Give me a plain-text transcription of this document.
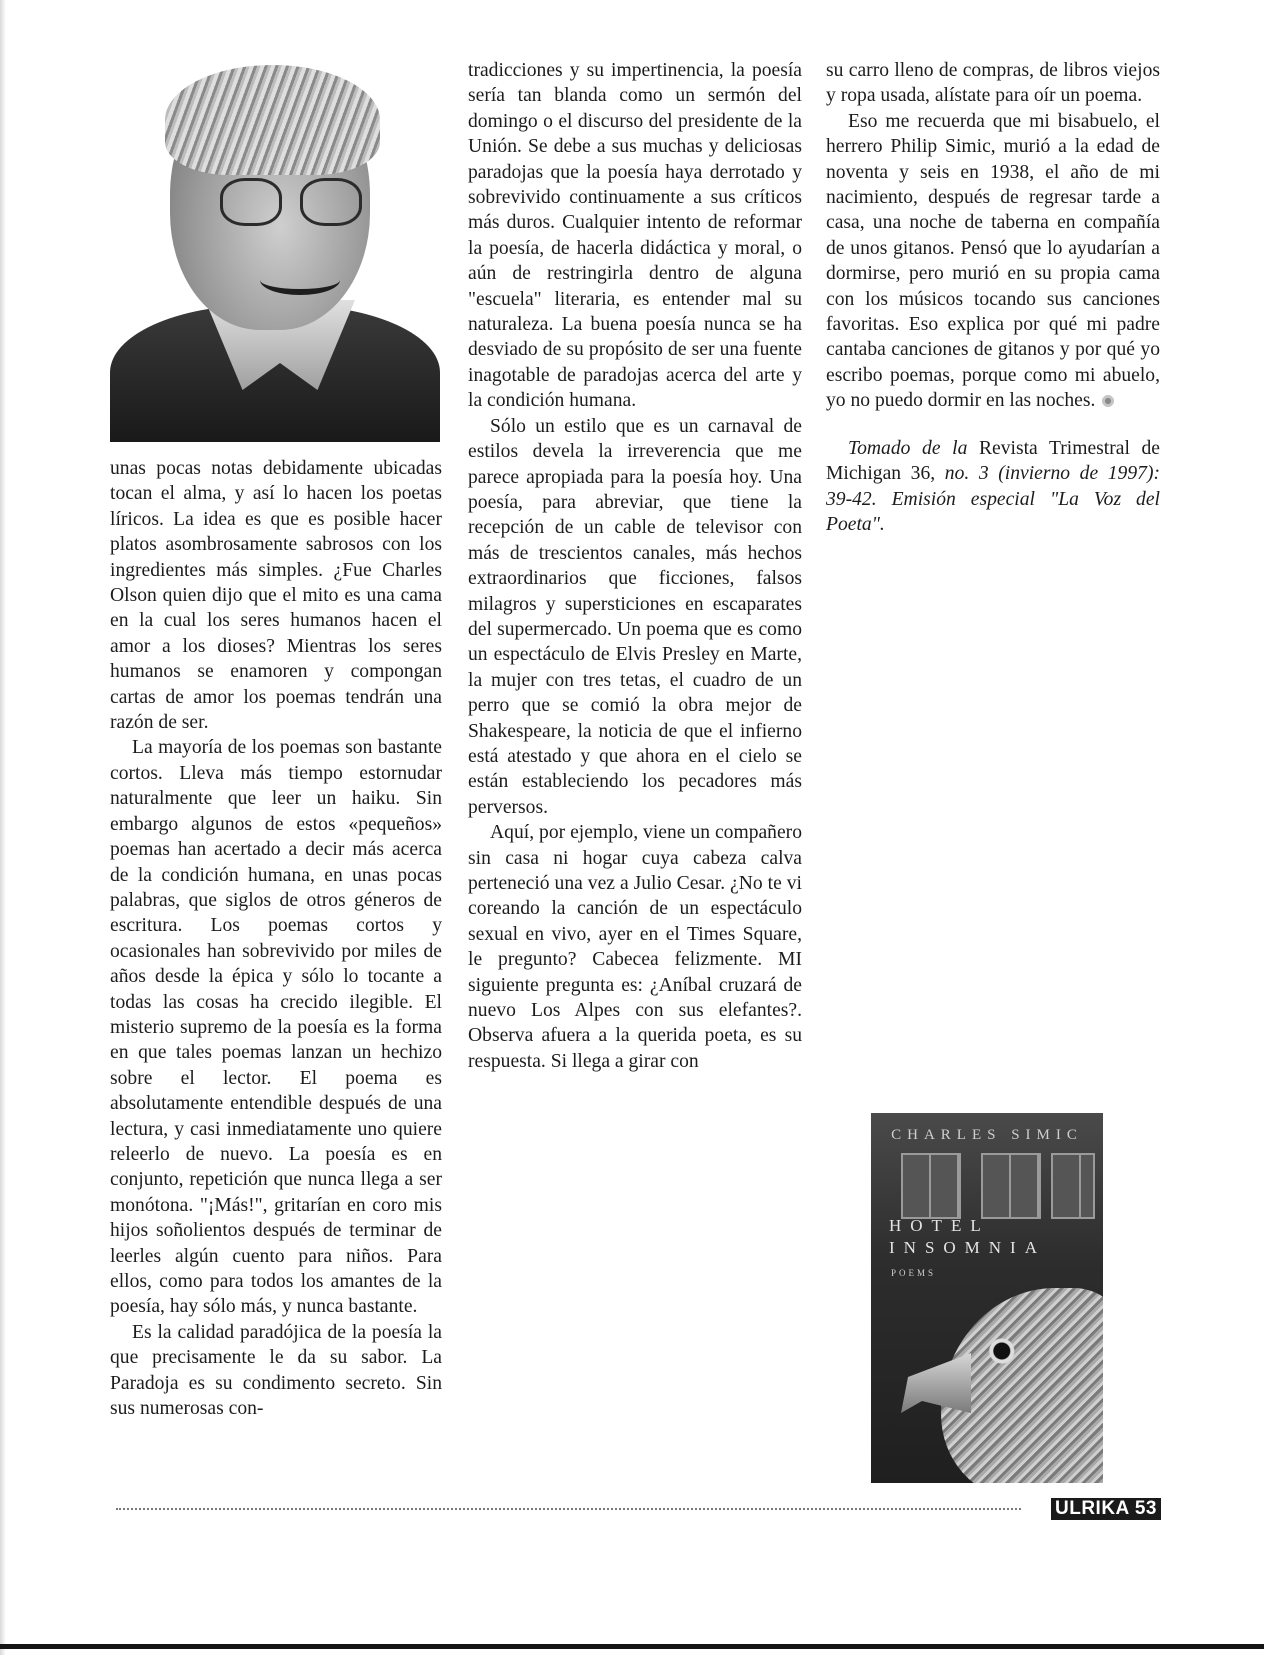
unas pocas notas debidamente ubicadas tocan el alma, y así lo hacen los poetas líricos. La idea es que es posible hacer platos asombrosamente sabrosos con los ingredientes más simples. ¿Fue Charles Olson quien dijo que el mito es una cama en la cual los seres humanos hacen el amor a los dioses? Mientras los seres humanos se enamoren y compongan cartas de amor los poemas tendrán una razón de ser.

La mayoría de los poemas son bastante cortos. Lleva más tiempo estornudar naturalmente que leer un haiku. Sin embargo algunos de estos «pequeños» poemas han acertado a decir más acerca de la condición humana, en unas pocas palabras, que siglos de otros géneros de escritura. Los poemas cortos y ocasionales han sobrevivido por miles de años desde la épica y sólo lo tocante a todas las cosas ha crecido ilegible. El misterio supremo de la poesía es la forma en que tales poemas lanzan un hechizo sobre el lector. El poema es absolutamente entendible después de una lectura, y casi inmediatamente uno quiere releerlo de nuevo. La poesía es en conjunto, repetición que nunca llega a ser monótona. "¡Más!", gritarían en coro mis hijos soñolientos después de terminar de leerles algún cuento para niños. Para ellos, como para todos los amantes de la poesía, hay sólo más, y nunca bastante.

Es la calidad paradójica de la poesía la que precisamente le da su sabor. La Paradoja es su condimento secreto. Sin sus numerosas con-

tradicciones y su impertinencia, la poesía sería tan blanda como un sermón del domingo o el discurso del presidente de la Unión. Se debe a sus muchas y deliciosas paradojas que la poesía haya derrotado y sobrevivido continuamente a sus críticos más duros. Cualquier intento de reformar la poesía, de hacerla didáctica y moral, o aún de restringirla dentro de alguna "escuela" literaria, es entender mal su naturaleza. La buena poesía nunca se ha desviado de su propósito de ser una fuente inagotable de paradojas acerca del arte y la condición humana.

Sólo un estilo que es un carnaval de estilos devela la irreverencia que me parece apropiada para la poesía hoy. Una poesía, para abreviar, que tiene la recepción de un cable de televisor con más de trescientos canales, más hechos extraordinarios que ficciones, falsos milagros y supersticiones en escaparates del supermercado. Un poema que es como un espectáculo de Elvis Presley en Marte, la mujer con tres tetas, el cuadro de un perro que se comió la obra mejor de Shakespeare, la noticia de que el infierno está atestado y que ahora en el cielo se están estableciendo los pecadores más perversos.

Aquí, por ejemplo, viene un compañero sin casa ni hogar cuya cabeza calva perteneció una vez a Julio Cesar. ¿No te vi coreando la canción de un espectáculo sexual en vivo, ayer en el Times Square, le pregunto? Cabecea felizmente. MI siguiente pregunta es: ¿Aníbal cruzará de nuevo Los Alpes con sus elefantes?. Observa afuera a la querida poeta, es su respuesta. Si llega a girar con

su carro lleno de compras, de libros viejos y ropa usada, alístate para oír un poema.

Eso me recuerda que mi bisabuelo, el herrero Philip Simic, murió a la edad de noventa y seis en 1938, el año de mi nacimiento, después de regresar tarde a casa, una noche de taberna en compañía de unos gitanos. Pensó que lo ayudarían a dormirse, pero murió en su propia cama con los músicos tocando sus canciones favoritas. Eso explica por qué mi padre cantaba canciones de gitanos y por qué yo escribo poemas, porque como mi abuelo, yo no puedo dormir en las noches.

Tomado de la Revista Trimestral de Michigan 36, no. 3 (invierno de 1997): 39-42. Emisión especial "La Voz del Poeta".

CHARLES SIMIC
HOTEL
INSOMNIA
POEMS
ULRIKA 53
